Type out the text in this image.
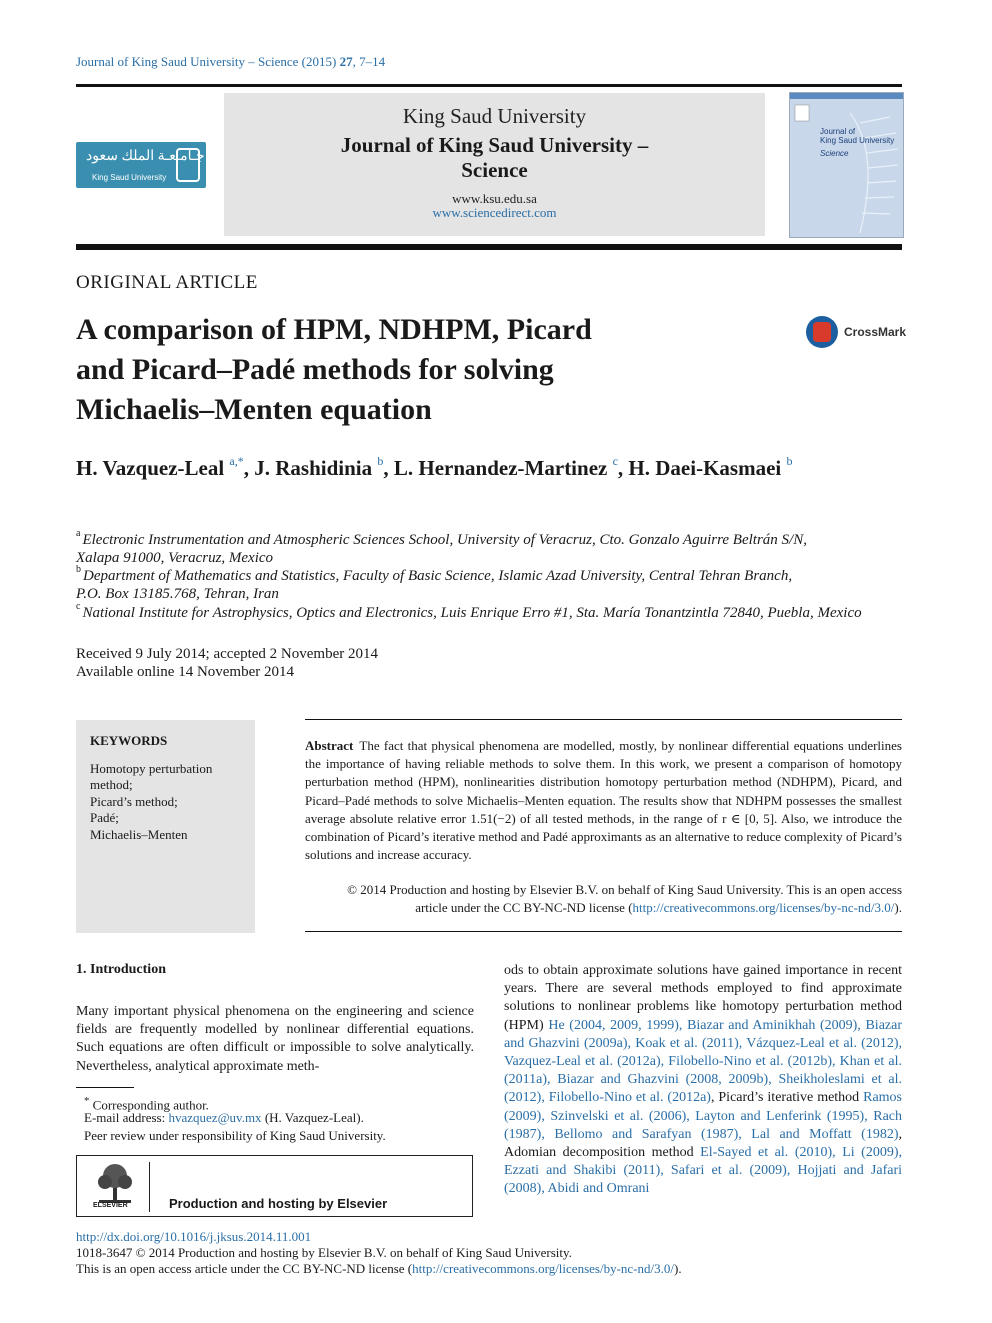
Journal of King Saud University – Science (2015) 27, 7–14
جـامـعـة الملك سعود
King Saud University
King Saud University
Journal of King Saud University –
Science
www.ksu.edu.sa
www.sciencedirect.com
Journal of
King Saud University
Science
ORIGINAL ARTICLE
A comparison of HPM, NDHPM, Picard
and Picard–Padé methods for solving
Michaelis–Menten equation
CrossMark
H. Vazquez-Leal $^{a,*}$, J. Rashidinia $^b$, L. Hernandez-Martinez $^c$, H. Daei-Kasmaei $^b$
$^a$ Electronic Instrumentation and Atmospheric Sciences School, University of Veracruz, Cto. Gonzalo Aguirre Beltrán S/N,
Xalapa 91000, Veracruz, Mexico
$^b$ Department of Mathematics and Statistics, Faculty of Basic Science, Islamic Azad University, Central Tehran Branch,
P.O. Box 13185.768, Tehran, Iran
$^c$ National Institute for Astrophysics, Optics and Electronics, Luis Enrique Erro #1, Sta. María Tonantzintla 72840, Puebla, Mexico
Received 9 July 2014; accepted 2 November 2014
Available online 14 November 2014
KEYWORDS
Homotopy perturbation method;
Picard’s method;
Padé;
Michaelis–Menten
Abstract The fact that physical phenomena are modelled, mostly, by nonlinear differential equations underlines the importance of having reliable methods to solve them. In this work, we present a comparison of homotopy perturbation method (HPM), nonlinearities distribution homotopy perturbation method (NDHPM), Picard, and Picard–Padé methods to solve Michaelis–Menten equation. The results show that NDHPM possesses the smallest average absolute relative error 1.51(−2) of all tested methods, in the range of r ∈ [0, 5]. Also, we introduce the combination of Picard’s iterative method and Padé approximants as an alternative to reduce complexity of Picard’s solutions and increase accuracy.
© 2014 Production and hosting by Elsevier B.V. on behalf of King Saud University. This is an open access
article under the CC BY-NC-ND license (http://creativecommons.org/licenses/by-nc-nd/3.0/).
1. Introduction
Many important physical phenomena on the engineering and science fields are frequently modelled by nonlinear differential equations. Such equations are often difficult or impossible to solve analytically. Nevertheless, analytical approximate meth-
ods to obtain approximate solutions have gained importance in recent years. There are several methods employed to find approximate solutions to nonlinear problems like homotopy perturbation method (HPM) He (2004, 2009, 1999), Biazar and Aminikhah (2009), Biazar and Ghazvini (2009a), Koak et al. (2011), Vázquez-Leal et al. (2012), Vazquez-Leal et al. (2012a), Filobello-Nino et al. (2012b), Khan et al. (2011a), Biazar and Ghazvini (2008, 2009b), Sheikholeslami et al. (2012), Filobello-Nino et al. (2012a), Picard’s iterative method Ramos (2009), Szinvelski et al. (2006), Layton and Lenferink (1995), Rach (1987), Bellomo and Sarafyan (1987), Lal and Moffatt (1982), Adomian decomposition method El-Sayed et al. (2010), Li (2009), Ezzati and Shakibi (2011), Safari et al. (2009), Hojjati and Jafari (2008), Abidi and Omrani
* Corresponding author.
E-mail address: hvazquez@uv.mx (H. Vazquez-Leal).
Peer review under responsibility of King Saud University.
ELSEVIER	Production and hosting by Elsevier
http://dx.doi.org/10.1016/j.jksus.2014.11.001
1018-3647 © 2014 Production and hosting by Elsevier B.V. on behalf of King Saud University.
This is an open access article under the CC BY-NC-ND license (http://creativecommons.org/licenses/by-nc-nd/3.0/).
